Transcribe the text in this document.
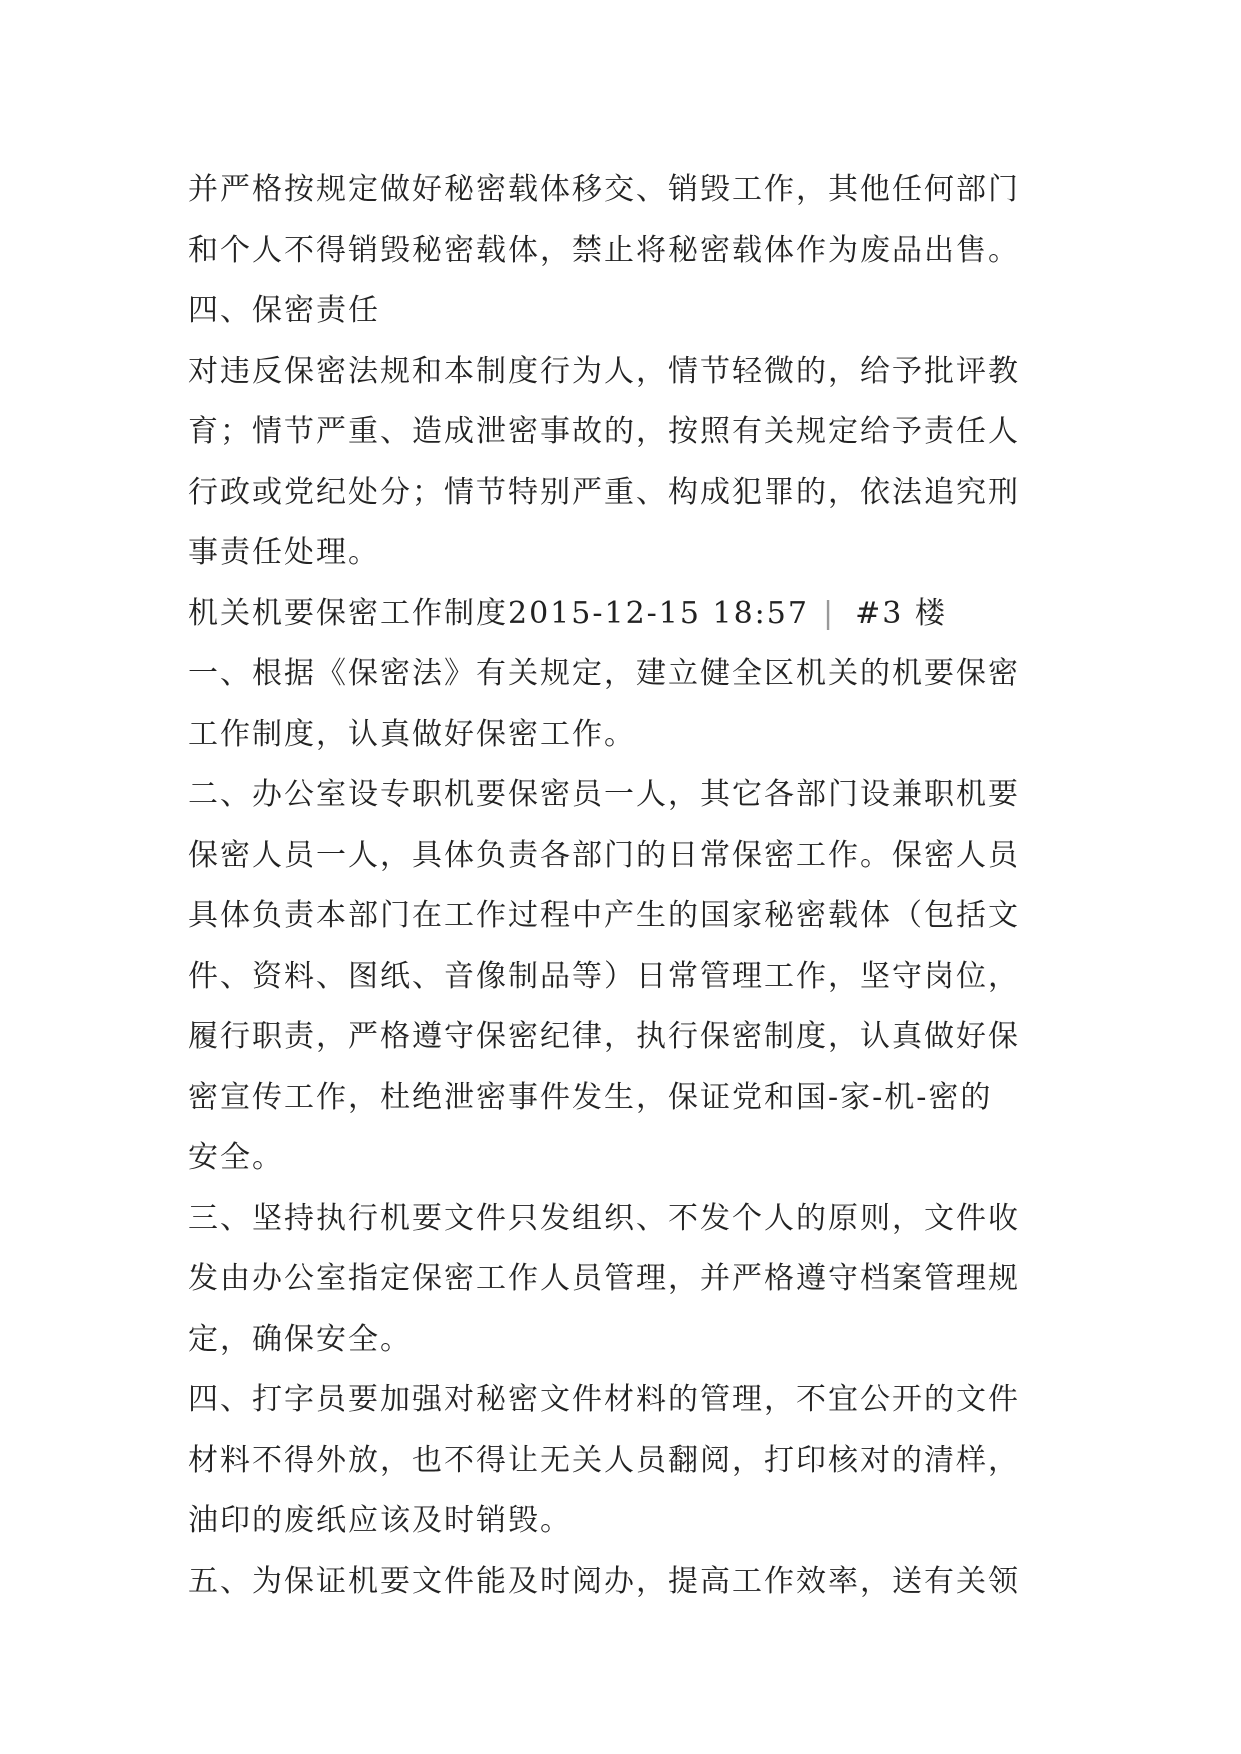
并严格按规定做好秘密载体移交、销毁工作，其他任何部门
和个人不得销毁秘密载体，禁止将秘密载体作为废品出售。
四、保密责任
对违反保密法规和本制度行为人，情节轻微的，给予批评教
育；情节严重、造成泄密事故的，按照有关规定给予责任人
行政或党纪处分；情节特别严重、构成犯罪的，依法追究刑
事责任处理。
机关机要保密工作制度2015-12-15 18:57 | #3 楼
一、根据《保密法》有关规定，建立健全区机关的机要保密
工作制度，认真做好保密工作。
二、办公室设专职机要保密员一人，其它各部门设兼职机要
保密人员一人，具体负责各部门的日常保密工作。保密人员
具体负责本部门在工作过程中产生的国家秘密载体（包括文
件、资料、图纸、音像制品等）日常管理工作，坚守岗位，
履行职责，严格遵守保密纪律，执行保密制度，认真做好保
密宣传工作，杜绝泄密事件发生，保证党和国-家-机-密的
安全。
三、坚持执行机要文件只发组织、不发个人的原则，文件收
发由办公室指定保密工作人员管理，并严格遵守档案管理规
定，确保安全。
四、打字员要加强对秘密文件材料的管理，不宜公开的文件
材料不得外放，也不得让无关人员翻阅，打印核对的清样，
油印的废纸应该及时销毁。
五、为保证机要文件能及时阅办，提高工作效率，送有关领
